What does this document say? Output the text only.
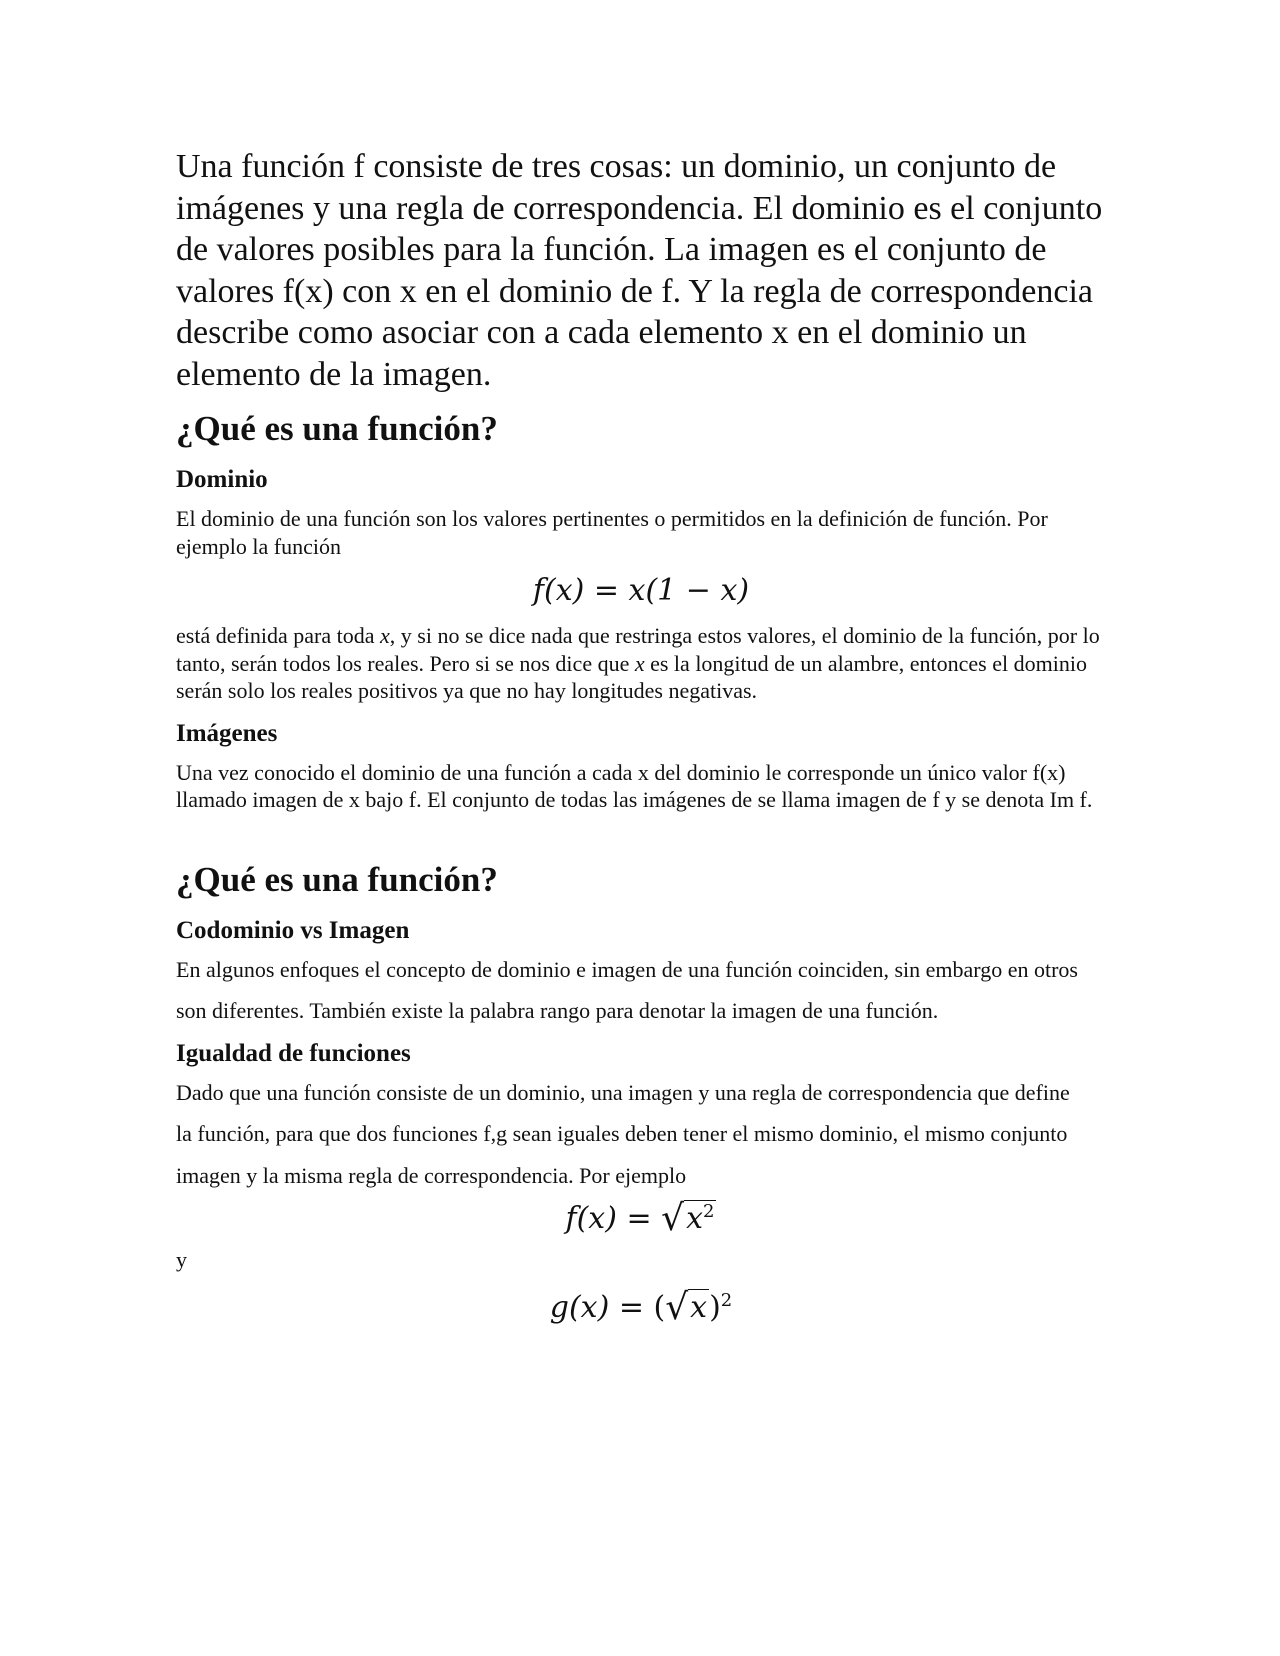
Una función f consiste de tres cosas: un dominio, un conjunto de imágenes y una regla de correspondencia. El dominio es el conjunto de valores posibles para la función. La imagen es el conjunto de valores f(x) con x en el dominio de f. Y la regla de correspondencia describe como asociar con a cada elemento x en el dominio un elemento de la imagen.

¿Qué es una función?
Dominio

El dominio de una función son los valores pertinentes o permitidos en la definición de función. Por ejemplo la función

f(x) = x(1 − x)

está definida para toda x, y si no se dice nada que restringa estos valores, el dominio de la función, por lo tanto, serán todos los reales. Pero si se nos dice que x es la longitud de un alambre, entonces el dominio serán solo los reales positivos ya que no hay longitudes negativas.

Imágenes

Una vez conocido el dominio de una función a cada x del dominio le corresponde un único valor f(x) llamado imagen de x bajo f. El conjunto de todas las imágenes de se llama imagen de f y se denota Im f.

¿Qué es una función?
Codominio vs Imagen

En algunos enfoques el concepto de dominio e imagen de una función coinciden, sin embargo en otros

son diferentes. También existe la palabra rango para denotar la imagen de una función.

Igualdad de funciones

Dado que una función consiste de un dominio, una imagen y una regla de correspondencia que define

la función, para que dos funciones f,g sean iguales deben tener el mismo dominio, el mismo conjunto

imagen y la misma regla de correspondencia. Por ejemplo

$f(x) = √x^2$

y

$g(x) = (√x)^2$
